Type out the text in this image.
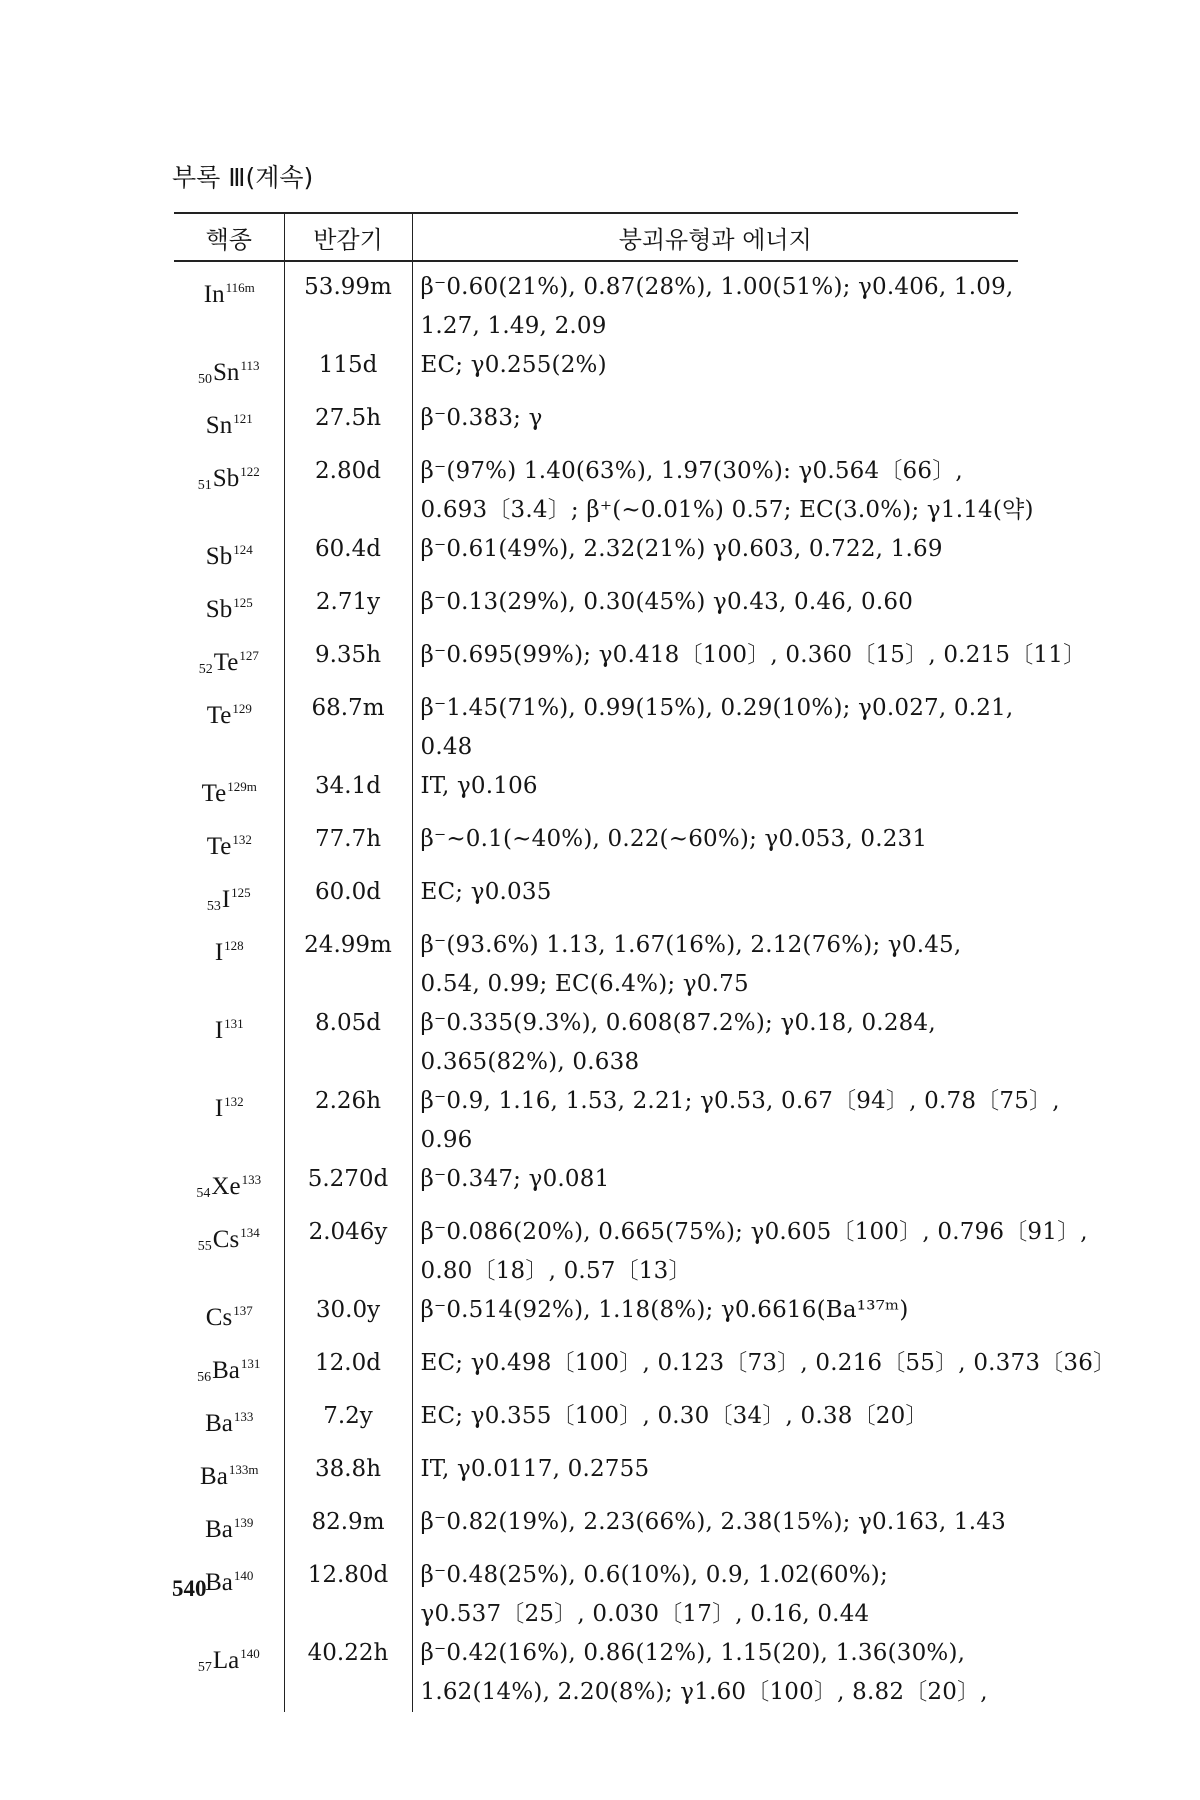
부록 Ⅲ(계속)
핵종	반감기	붕괴유형과 에너지
$In^{116m}$	53.99m	β⁻0.60(21%), 0.87(28%), 1.00(51%); γ0.406, 1.09,
1.27, 1.49, 2.09

$_{50}Sn^{113}$	115d	EC; γ0.255(2%)

Sn$^{121}$	27.5h	β⁻0.383; γ

$_{51}Sb^{122}$	2.80d	β⁻(97%) 1.40(63%), 1.97(30%): γ0.564〔66〕,
0.693〔3.4〕; β⁺(~0.01%) 0.57; EC(3.0%); γ1.14(약)

Sb$^{124}$	60.4d	β⁻0.61(49%), 2.32(21%) γ0.603, 0.722, 1.69

Sb$^{125}$	2.71y	β⁻0.13(29%), 0.30(45%) γ0.43, 0.46, 0.60

$_{52}Te^{127}$	9.35h	β⁻0.695(99%); γ0.418〔100〕, 0.360〔15〕, 0.215〔11〕

Te$^{129}$	68.7m	β⁻1.45(71%), 0.99(15%), 0.29(10%); γ0.027, 0.21,
0.48

$Te^{129m}$	34.1d	IT, γ0.106

Te$^{132}$	77.7h	β⁻~0.1(~40%), 0.22(~60%); γ0.053, 0.231

$_{53}I^{125}$	60.0d	EC; γ0.035

$I^{128}$	24.99m	β⁻(93.6%) 1.13, 1.67(16%), 2.12(76%); γ0.45,
0.54, 0.99; EC(6.4%); γ0.75

$I^{131}$	8.05d	β⁻0.335(9.3%), 0.608(87.2%); γ0.18, 0.284,
0.365(82%), 0.638

$I^{132}$	2.26h	β⁻0.9, 1.16, 1.53, 2.21; γ0.53, 0.67〔94〕, 0.78〔75〕,
0.96

$_{54}Xe^{133}$	5.270d	β⁻0.347; γ0.081

$_{55}Cs^{134}$	2.046y	β⁻0.086(20%), 0.665(75%); γ0.605〔100〕, 0.796〔91〕,
0.80〔18〕, 0.57〔13〕

Cs$^{137}$	30.0y	β⁻0.514(92%), 1.18(8%); γ0.6616(Ba¹³⁷ᵐ)

$_{56}Ba^{131}$	12.0d	EC; γ0.498〔100〕, 0.123〔73〕, 0.216〔55〕, 0.373〔36〕

Ba$^{133}$	7.2y	EC; γ0.355〔100〕, 0.30〔34〕, 0.38〔20〕

$Ba^{133m}$	38.8h	IT, γ0.0117, 0.2755

Ba$^{139}$	82.9m	β⁻0.82(19%), 2.23(66%), 2.38(15%); γ0.163, 1.43

Ba$^{140}$	12.80d	β⁻0.48(25%), 0.6(10%), 0.9, 1.02(60%);
γ0.537〔25〕, 0.030〔17〕, 0.16, 0.44

$_{57}La^{140}$	40.22h	β⁻0.42(16%), 0.86(12%), 1.15(20), 1.36(30%),
1.62(14%), 2.20(8%); γ1.60〔100〕, 8.82〔20〕,
540
